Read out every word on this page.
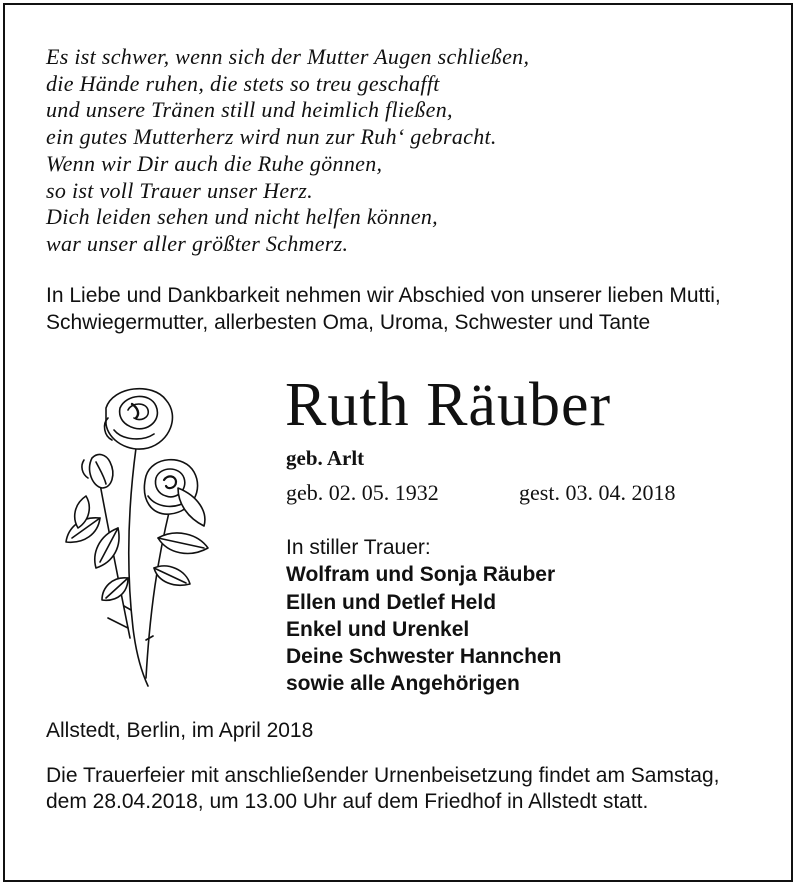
Es ist schwer, wenn sich der Mutter Augen schließen,
die Hände ruhen, die stets so treu geschafft
und unsere Tränen still und heimlich fließen,
ein gutes Mutterherz wird nun zur Ruh‘ gebracht.
Wenn wir Dir auch die Ruhe gönnen,
so ist voll Trauer unser Herz.
Dich leiden sehen und nicht helfen können,
war unser aller größter Schmerz.
In Liebe und Dankbarkeit nehmen wir Abschied von unserer lieben Mutti, Schwiegermutter, allerbesten Oma, Uroma, Schwester und Tante
Ruth Räuber
geb. Arlt
geb. 02. 05. 1932	gest. 03. 04. 2018
In stiller Trauer:
Wolfram und Sonja Räuber
Ellen und Detlef Held
Enkel und Urenkel
Deine Schwester Hannchen
sowie alle Angehörigen
Allstedt, Berlin, im April 2018
Die Trauerfeier mit anschließender Urnenbeisetzung findet am Samstag, dem 28.04.2018, um 13.00 Uhr auf dem Friedhof in Allstedt statt.
